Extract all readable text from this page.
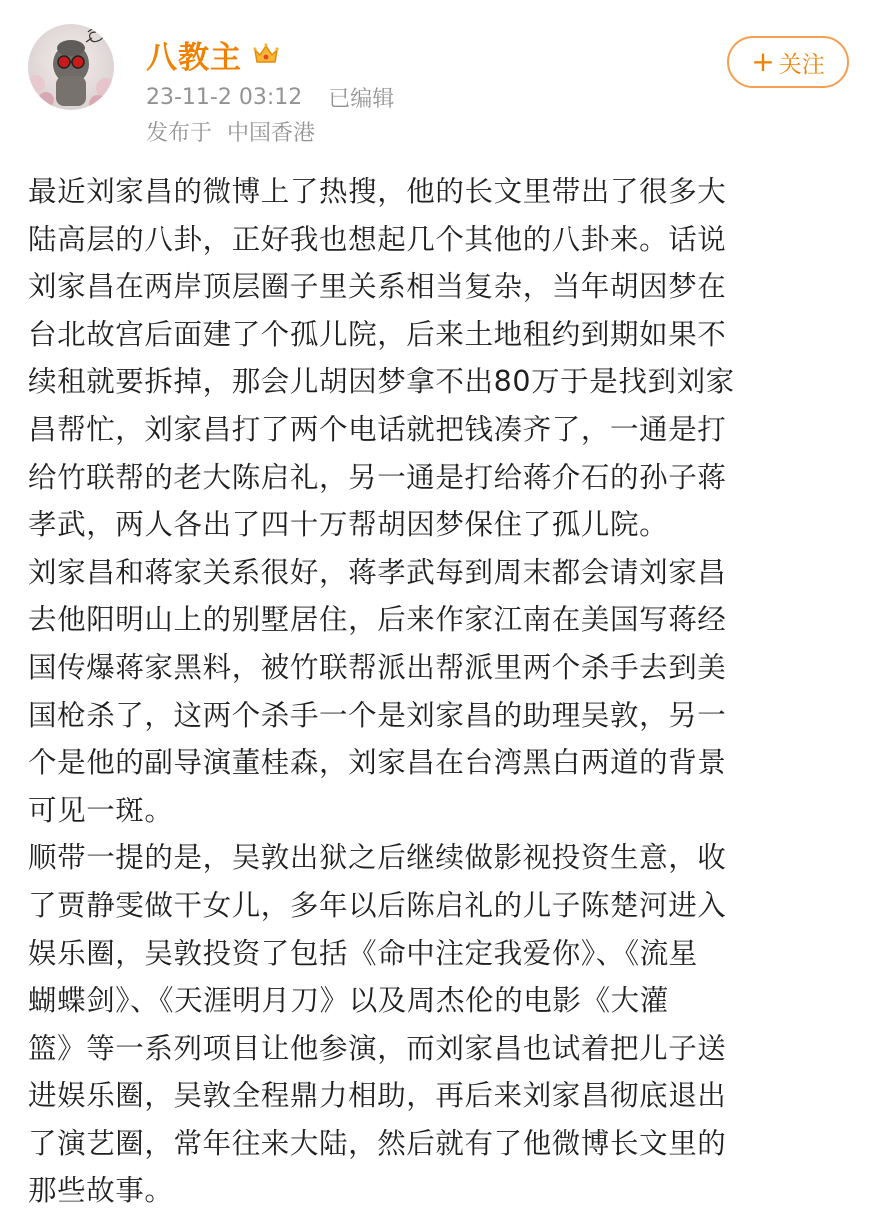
八教主
23-11-2 03:12 已编辑
发布于 中国香港
+ 关注

最近刘家昌的微博上了热搜，他的长文里带出了很多大
陆高层的八卦，正好我也想起几个其他的八卦来。话说
刘家昌在两岸顶层圈子里关系相当复杂，当年胡因梦在
台北故宫后面建了个孤儿院，后来土地租约到期如果不
续租就要拆掉，那会儿胡因梦拿不出80万于是找到刘家
昌帮忙，刘家昌打了两个电话就把钱凑齐了，一通是打
给竹联帮的老大陈启礼，另一通是打给蒋介石的孙子蒋
孝武，两人各出了四十万帮胡因梦保住了孤儿院。

刘家昌和蒋家关系很好，蒋孝武每到周末都会请刘家昌
去他阳明山上的别墅居住，后来作家江南在美国写蒋经
国传爆蒋家黑料，被竹联帮派出帮派里两个杀手去到美
国枪杀了，这两个杀手一个是刘家昌的助理吴敦，另一
个是他的副导演董桂森，刘家昌在台湾黑白两道的背景
可见一斑。

顺带一提的是，吴敦出狱之后继续做影视投资生意，收
了贾静雯做干女儿，多年以后陈启礼的儿子陈楚河进入
娱乐圈，吴敦投资了包括《命中注定我爱你》、《流星
蝴蝶剑》、《天涯明月刀》以及周杰伦的电影《大灌
篮》等一系列项目让他参演，而刘家昌也试着把儿子送
进娱乐圈，吴敦全程鼎力相助，再后来刘家昌彻底退出
了演艺圈，常年往来大陆，然后就有了他微博长文里的
那些故事。
